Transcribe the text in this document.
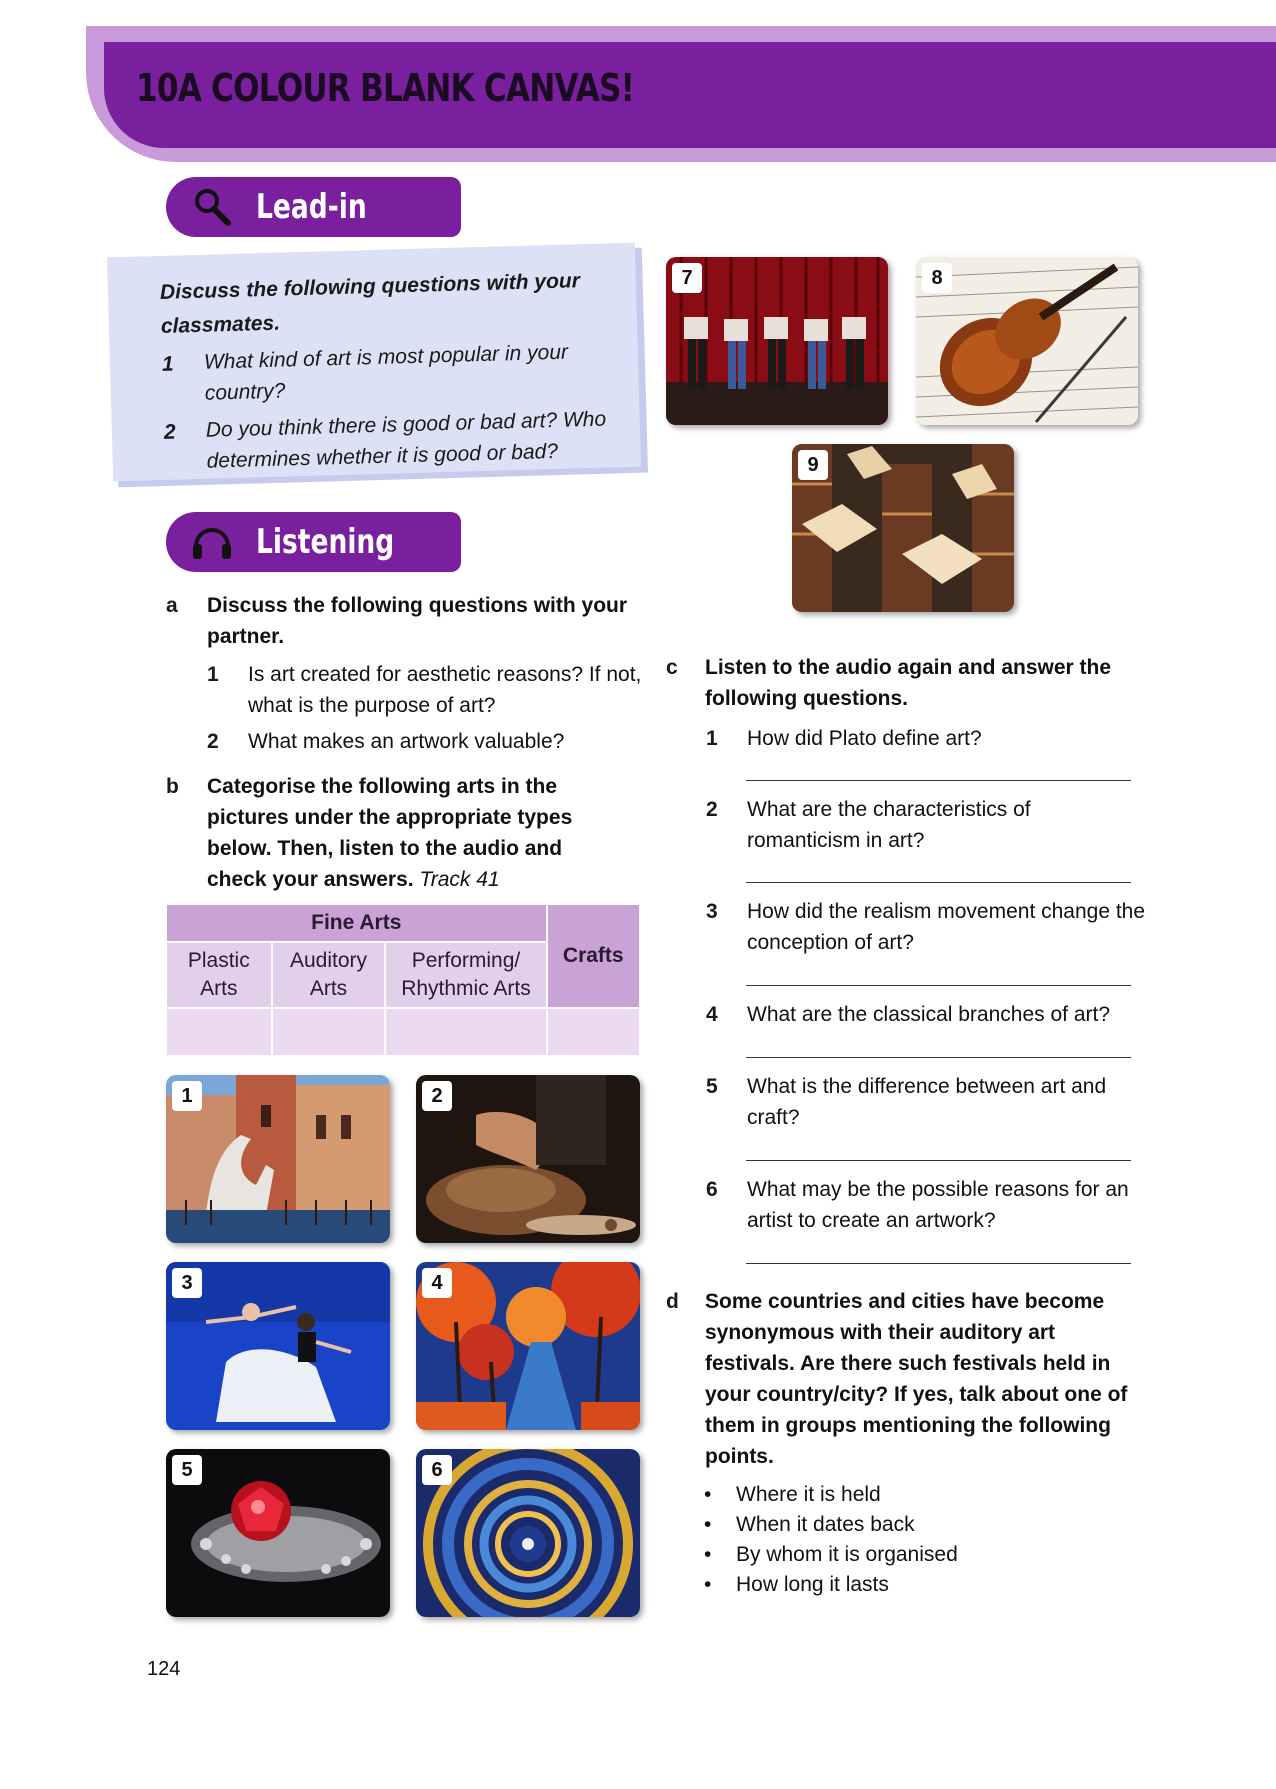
10A COLOUR BLANK CANVAS!
Lead-in

Discuss the following questions with your classmates.

1	What kind of art is most popular in your country?
2	Do you think there is good or bad art? Who determines whether it is good or bad?
Listening
a Discuss the following questions with your partner.
1 Is art created for aesthetic reasons? If not, what is the purpose of art?
2 What makes an artwork valuable?
b Categorise the following arts in the pictures under the appropriate types below. Then, listen to the audio and check your answers. Track 41
Fine Arts			Crafts
Plastic Arts	Auditory Arts	Performing/ Rhythmic Arts	

1	2
3	4
5	6
7	8
9
c Listen to the audio again and answer the following questions.
1 How did Plato define art?
2 What are the characteristics of romanticism in art?
3 How did the realism movement change the conception of art?
4 What are the classical branches of art?
5 What is the difference between art and craft?
6 What may be the possible reasons for an artist to create an artwork?
d Some countries and cities have become synonymous with their auditory art festivals. Are there such festivals held in your country/city? If yes, talk about one of them in groups mentioning the following points.
• Where it is held
• When it dates back
• By whom it is organised
• How long it lasts
124
